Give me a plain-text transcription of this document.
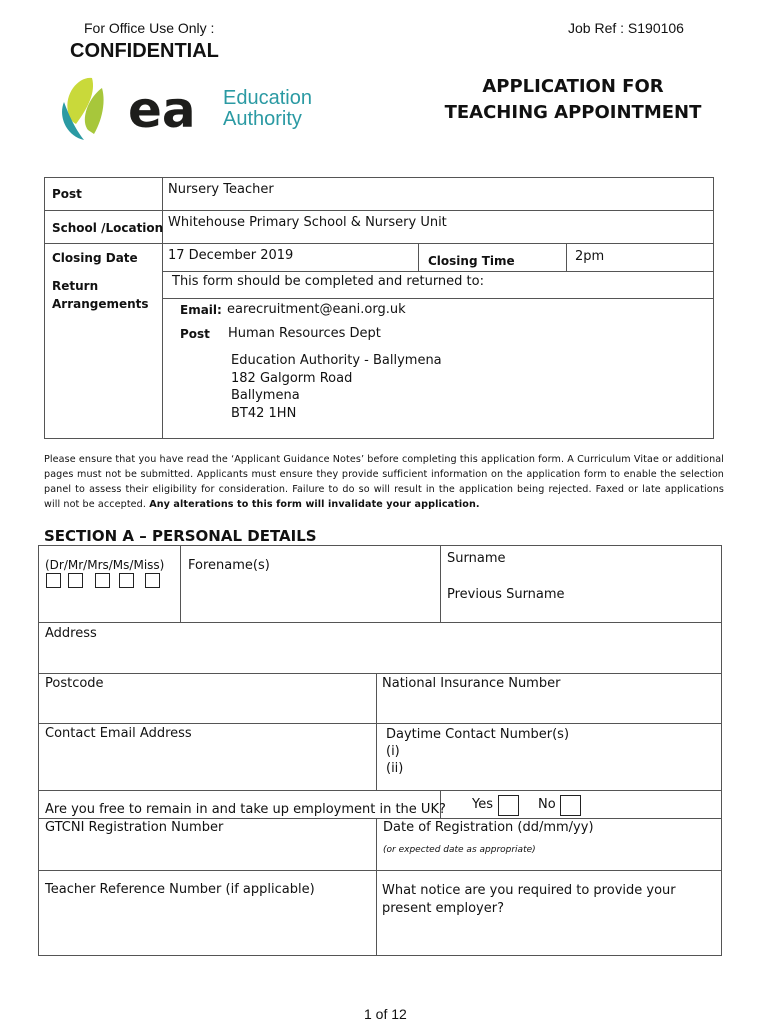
For Office Use Only :	Job Ref : S190106
CONFIDENTIAL
ea Education
Authority
APPLICATION FOR
TEACHING APPOINTMENT
Post	Nursery Teacher
School /Location Whitehouse Primary School & Nursery Unit
Closing Date 17 December 2019	Closing Time	2pm
Return
Arrangements
This form should be completed and returned to:
Email: earecruitment@eani.org.uk
Post Human Resources Dept
Education Authority - Ballymena
182 Galgorm Road
Ballymena
BT42 1HN
Please ensure that you have read the ‘Applicant Guidance Notes’ before completing this application form. A Curriculum Vitae or additional pages must not be submitted. Applicants must ensure they provide sufficient information on the application form to enable the selection panel to assess their eligibility for consideration. Failure to do so will result in the application being rejected. Faxed or late applications will not be accepted. Any alterations to this form will invalidate your application.
SECTION A – PERSONAL DETAILS
(Dr/Mr/Mrs/Ms/Miss) Forename(s)	Surname
Previous Surname
Address
Postcode	National Insurance Number
Contact Email Address	Daytime Contact Number(s)
(i)
(ii)
Are you free to remain in and take up employment in the UK? Yes	No
GTCNI Registration Number	Date of Registration (dd/mm/yy)
(or expected date as appropriate)
Teacher Reference Number (if applicable)	What notice are you required to provide your
present employer?
1 of 12
